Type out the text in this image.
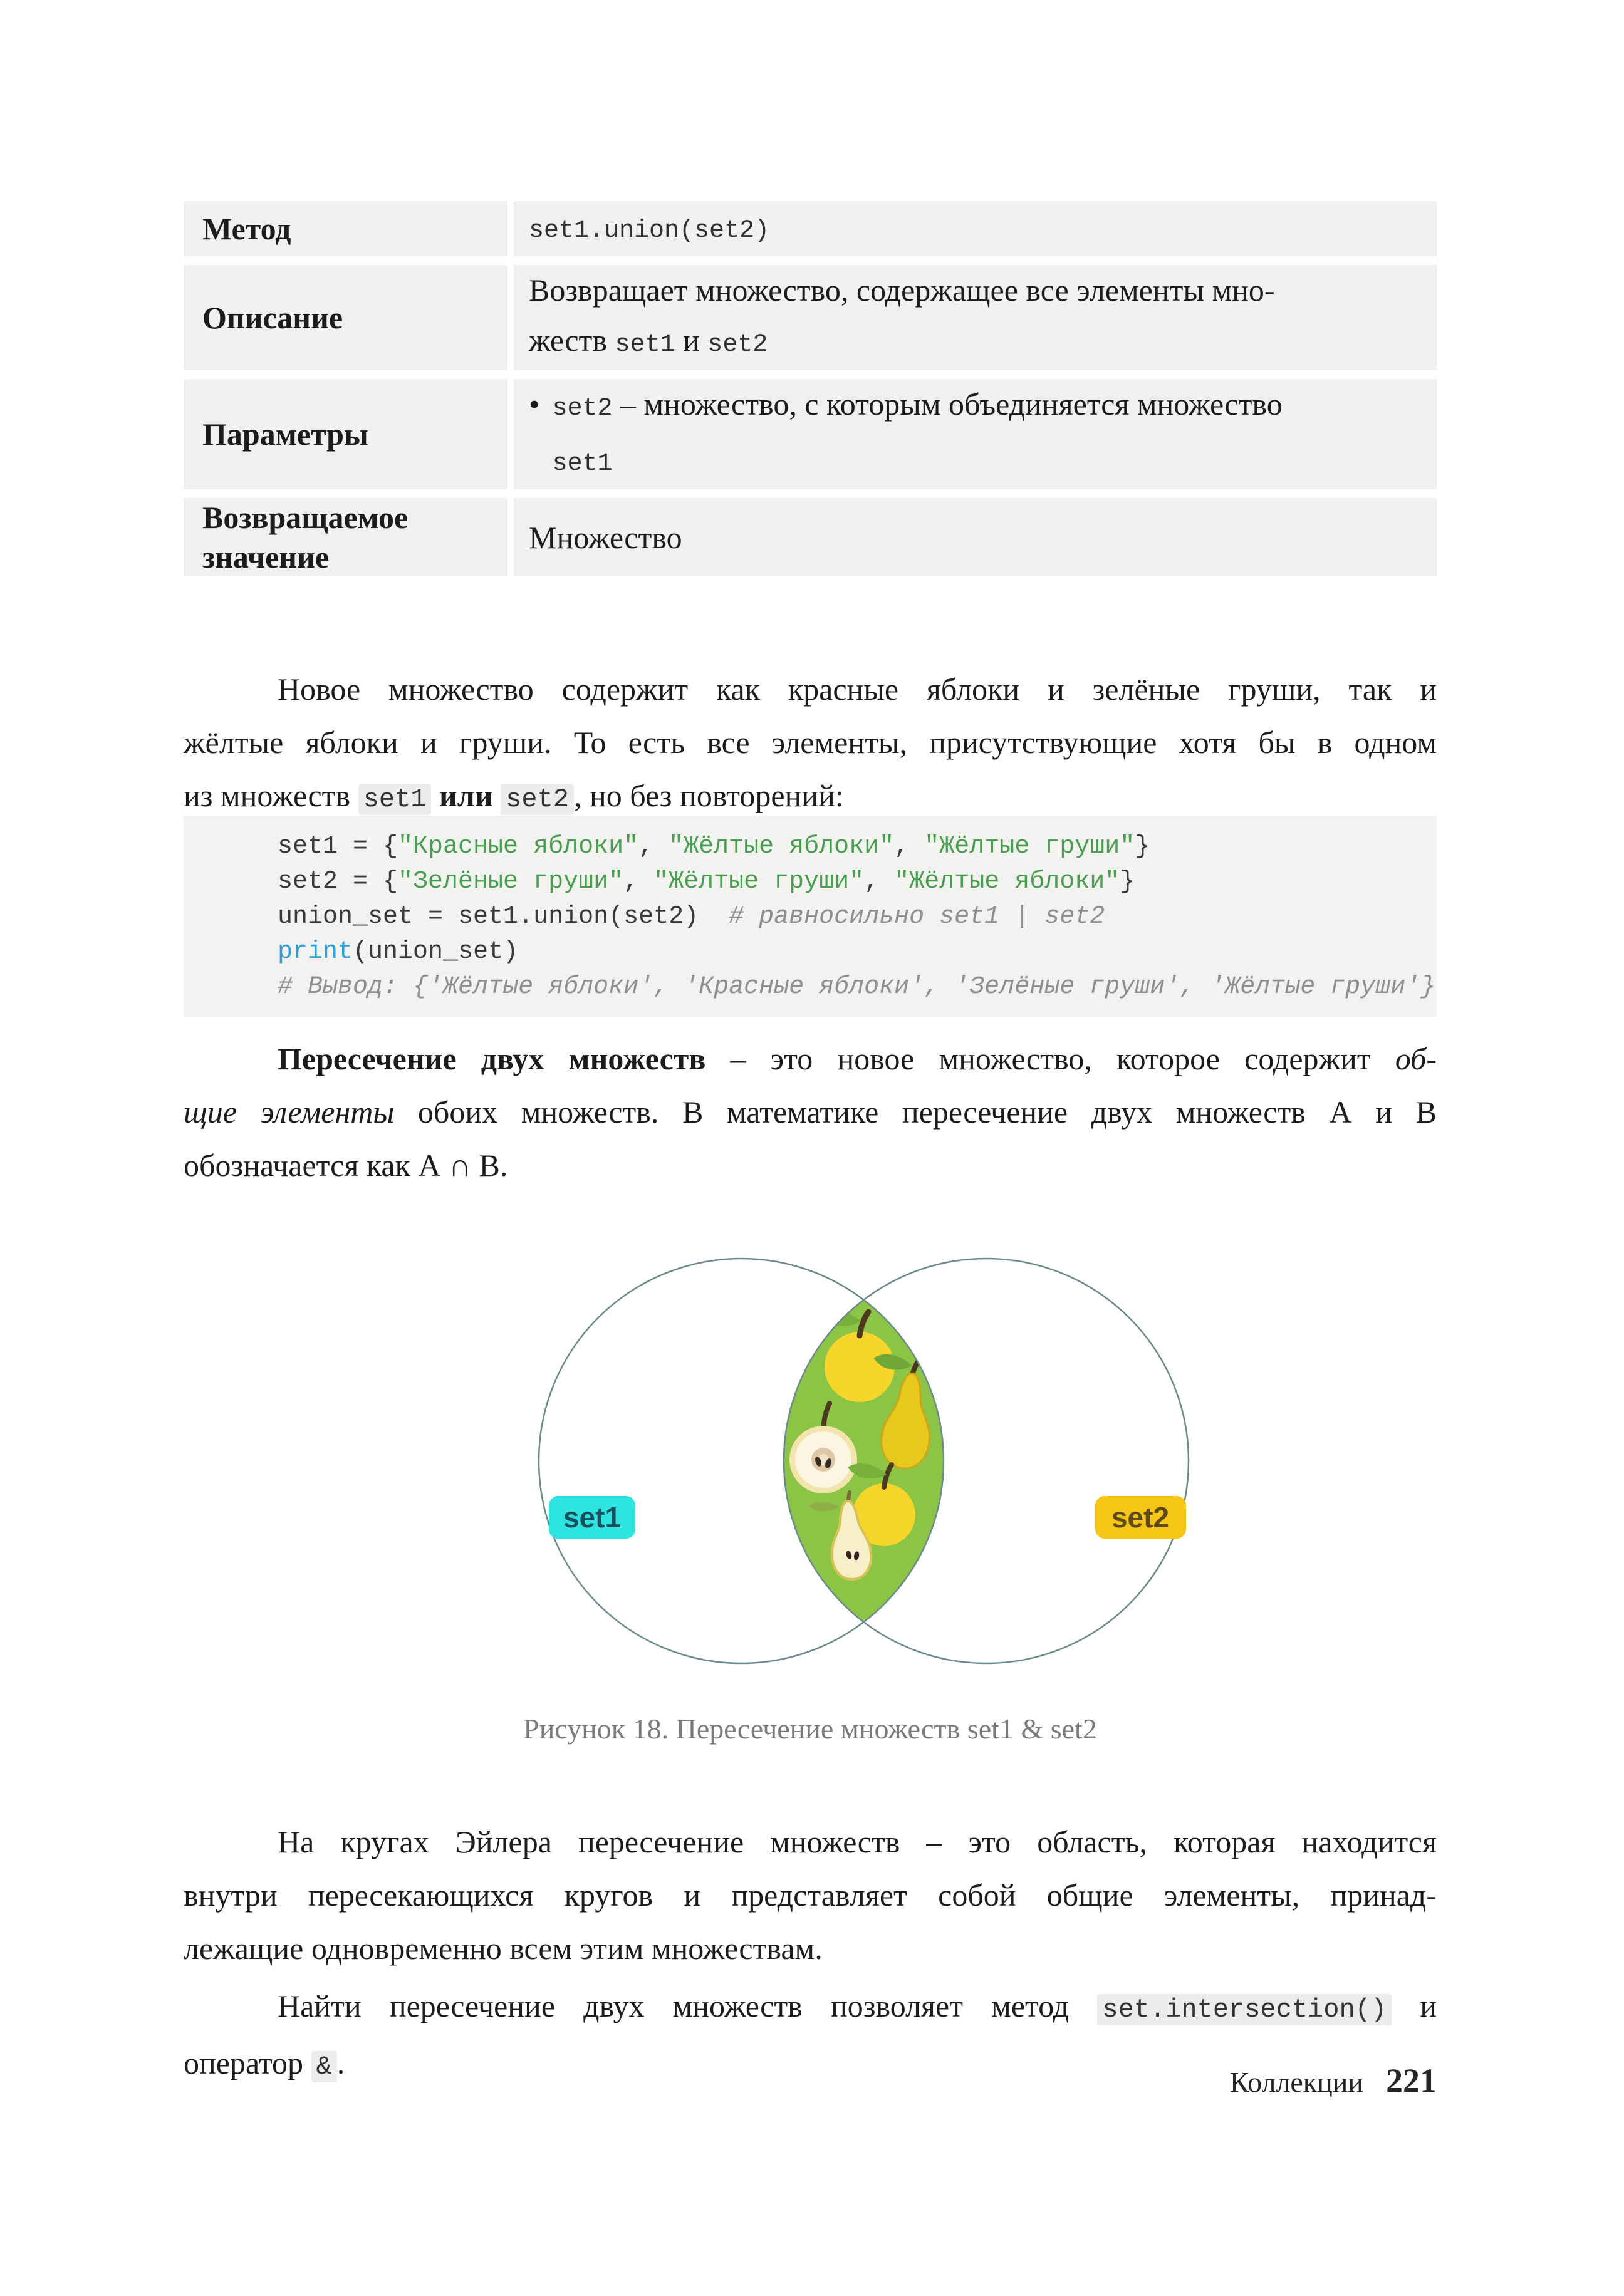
Метод	set1.union(set2)
Описание
Возвращает множество, содержащее все элементы мно-
жеств set1 и set2
Параметры
• set2 – множество, с которым объединяется множество
set1
Возвращаемое значение
Множество
Новое множество содержит как красные яблоки и зелёные груши, так и
жёлтые яблоки и груши. То есть все элементы, присутствующие хотя бы в одном
из множеств set1 или set2 , но без повторений:
set1 = {"Красные яблоки", "Жёлтые яблоки", "Жёлтые груши"}
set2 = {"Зелёные груши", "Жёлтые груши", "Жёлтые яблоки"}
union_set = set1.union(set2)  # равносильно set1 | set2
print(union_set)
# Вывод: {'Жёлтые яблоки', 'Красные яблоки', 'Зелёные груши', 'Жёлтые груши'}
Пересечение двух множеств – это новое множество, которое содержит об-
щие элементы обоих множеств. В математике пересечение двух множеств А и В
обозначается как А ∩ В.
set1	set2
Рисунок 18. Пересечение множеств set1 & set2
На кругах Эйлера пересечение множеств – это область, которая находится
внутри пересекающихся кругов и представляет собой общие элементы, принад-
лежащие одновременно всем этим множествам.
Найти пересечение двух множеств позволяет метод set.intersection() и
оператор & .
Коллекции 221
